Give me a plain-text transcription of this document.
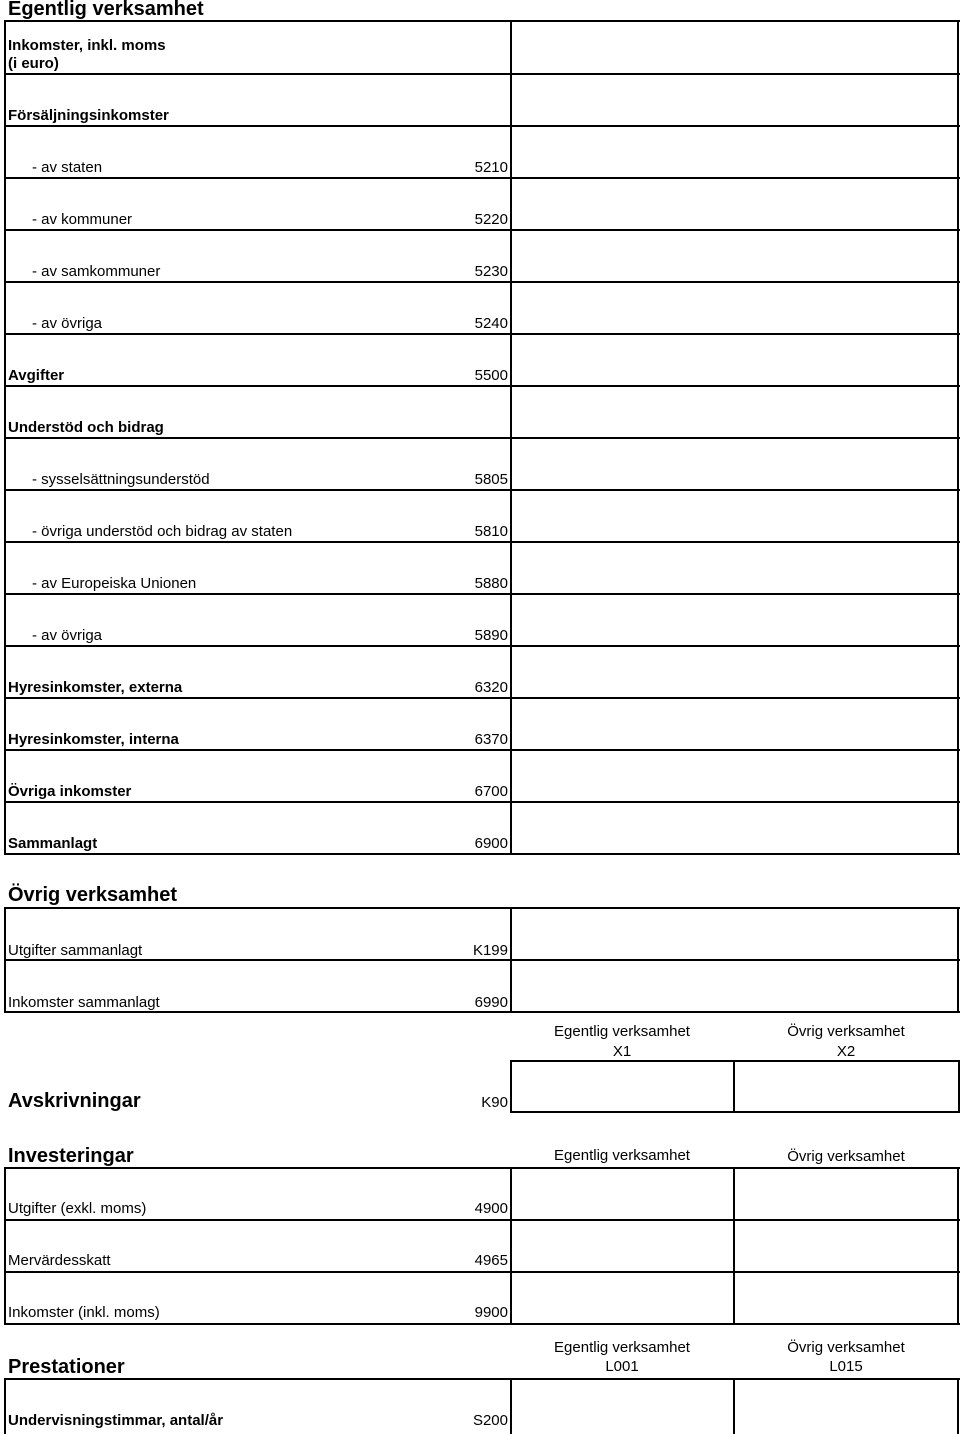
Egentlig verksamhet
Inkomster, inkl. moms
(i euro)
Försäljningsinkomster
- av staten	5210
- av kommuner	5220
- av samkommuner	5230
- av övriga	5240
Avgifter	5500
Understöd och bidrag
- sysselsättningsunderstöd	5805
- övriga understöd och bidrag av staten	5810
- av Europeiska Unionen	5880
- av övriga	5890
Hyresinkomster, externa	6320
Hyresinkomster, interna	6370
Övriga inkomster	6700
Sammanlagt	6900
Övrig verksamhet
Utgifter sammanlagt	K199
Inkomster sammanlagt	6990
Egentlig verksamhet
X1
Övrig verksamhet
X2
Avskrivningar	K90
Investeringar	Egentlig verksamhet	Övrig verksamhet
Utgifter (exkl. moms)	4900
Mervärdesskatt	4965
Inkomster (inkl. moms)	9900
Egentlig verksamhet
L001
Övrig verksamhet
L015
Prestationer
Undervisningstimmar, antal/år	S200
